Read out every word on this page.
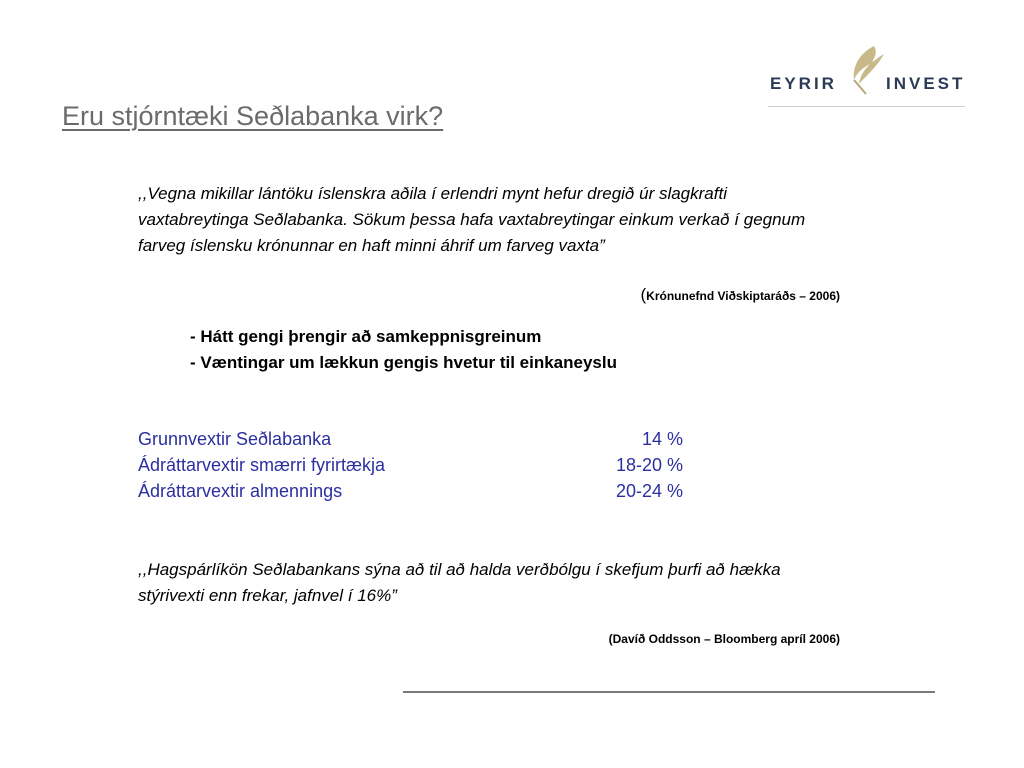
EYRIR	INVEST
Eru stjórntæki Seðlabanka virk?
,,Vegna mikillar lántöku íslenskra aðila í erlendri mynt hefur dregið úr slagkrafti vaxtabreytinga Seðlabanka. Sökum þessa hafa vaxtabreytingar einkum verkað í gegnum farveg íslensku krónunnar en haft minni áhrif um farveg vaxta”
(Krónunefnd Viðskiptaráðs – 2006)
- Hátt gengi þrengir að samkeppnisgreinum
- Væntingar um lækkun gengis hvetur til einkaneyslu
Grunnvextir Seðlabanka	14 %
Ádráttarvextir smærri fyrirtækja	18-20 %
Ádráttarvextir almennings	20-24 %
,,Hagspárlíkön Seðlabankans sýna að til að halda verðbólgu í skefjum þurfi að hækka stýrivexti enn frekar, jafnvel í 16%”
(Davíð Oddsson – Bloomberg apríl 2006)
